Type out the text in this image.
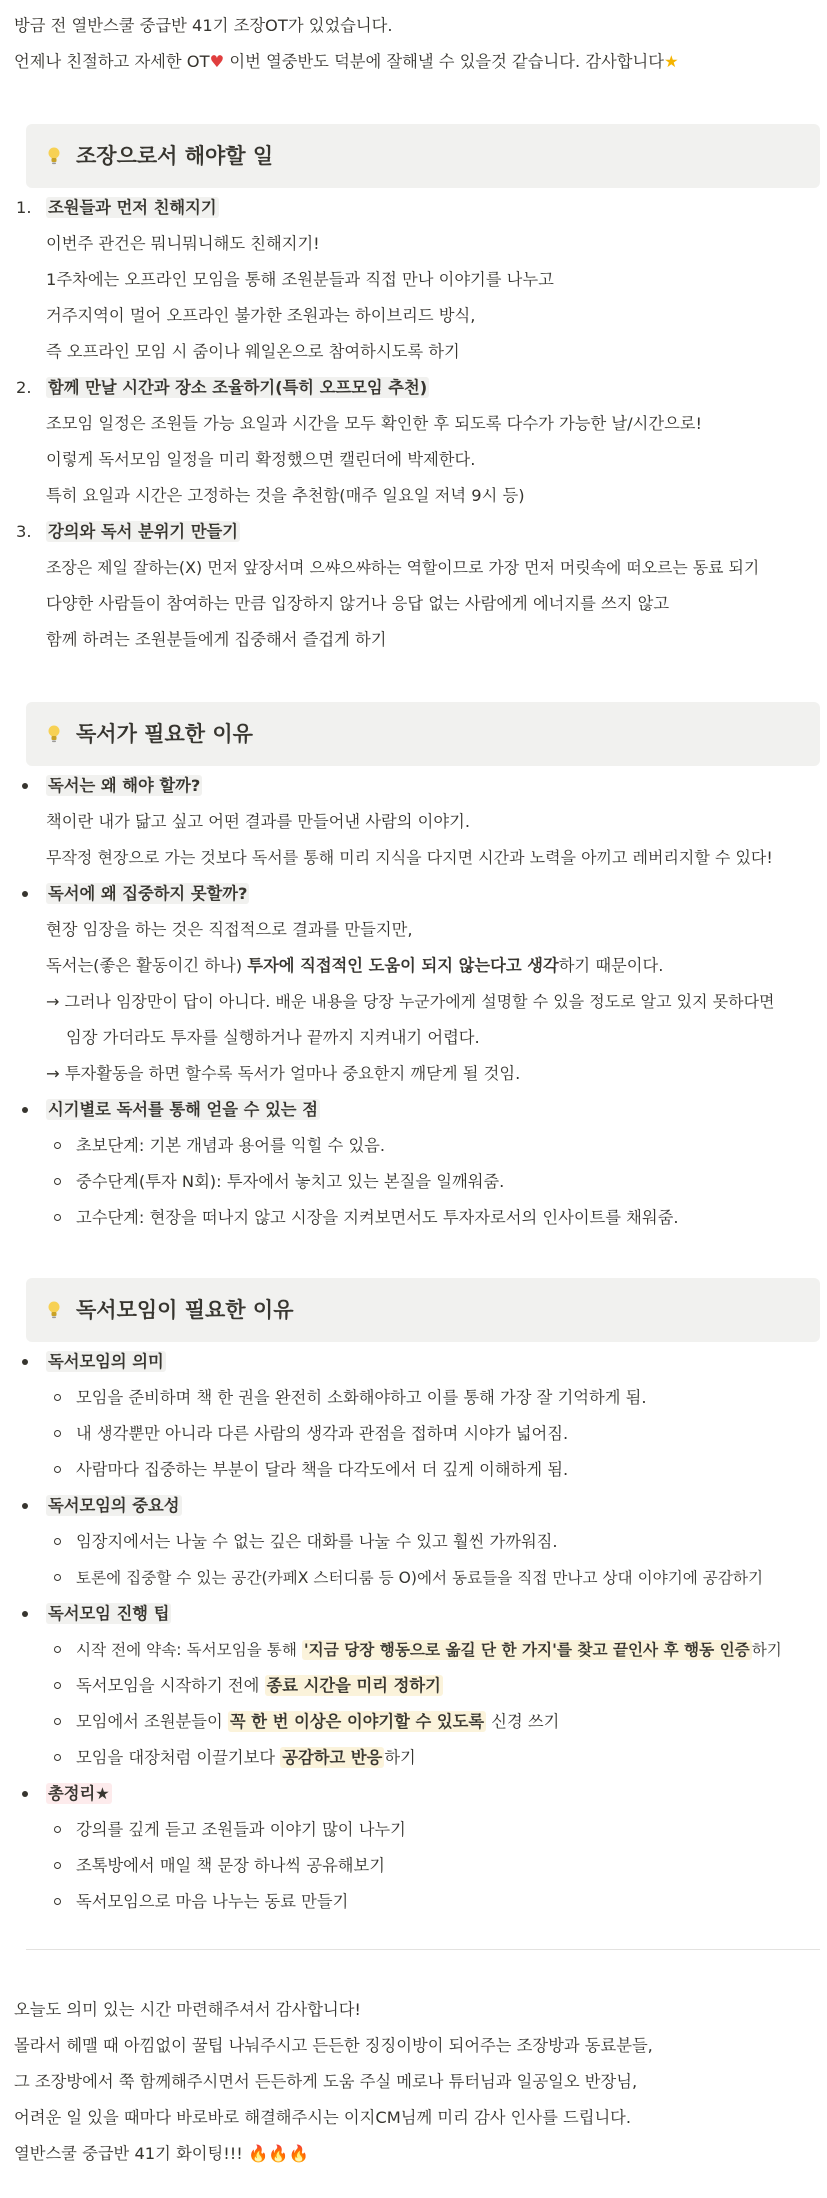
방금 전 열반스쿨 중급반 41기 조장OT가 있었습니다.
언제나 친절하고 자세한 OT♥ 이번 열중반도 덕분에 잘해낼 수 있을것 같습니다. 감사합니다★
조장으로서 해야할 일
1. 조원들과 먼저 친해지기
이번주 관건은 뭐니뭐니해도 친해지기!
1주차에는 오프라인 모임을 통해 조원분들과 직접 만나 이야기를 나누고
거주지역이 멀어 오프라인 불가한 조원과는 하이브리드 방식,
즉 오프라인 모임 시 줌이나 웨일온으로 참여하시도록 하기
2. 함께 만날 시간과 장소 조율하기(특히 오프모임 추천)
조모임 일정은 조원들 가능 요일과 시간을 모두 확인한 후 되도록 다수가 가능한 날/시간으로!
이렇게 독서모임 일정을 미리 확정했으면 캘린더에 박제한다.
특히 요일과 시간은 고정하는 것을 추천함(매주 일요일 저녁 9시 등)
3. 강의와 독서 분위기 만들기
조장은 제일 잘하는(X) 먼저 앞장서며 으쌰으쌰하는 역할이므로 가장 먼저 머릿속에 떠오르는 동료 되기
다양한 사람들이 참여하는 만큼 입장하지 않거나 응답 없는 사람에게 에너지를 쓰지 않고
함께 하려는 조원분들에게 집중해서 즐겁게 하기
독서가 필요한 이유
독서는 왜 해야 할까?
책이란 내가 닮고 싶고 어떤 결과를 만들어낸 사람의 이야기.
무작정 현장으로 가는 것보다 독서를 통해 미리 지식을 다지면 시간과 노력을 아끼고 레버리지할 수 있다!
독서에 왜 집중하지 못할까?
현장 임장을 하는 것은 직접적으로 결과를 만들지만,
독서는(좋은 활동이긴 하나) 투자에 직접적인 도움이 되지 않는다고 생각하기 때문이다.
→ 그러나 임장만이 답이 아니다. 배운 내용을 당장 누군가에게 설명할 수 있을 정도로 알고 있지 못하다면
임장 가더라도 투자를 실행하거나 끝까지 지켜내기 어렵다.
→ 투자활동을 하면 할수록 독서가 얼마나 중요한지 깨닫게 될 것임.
시기별로 독서를 통해 얻을 수 있는 점
초보단계: 기본 개념과 용어를 익힐 수 있음.
중수단계(투자 N회): 투자에서 놓치고 있는 본질을 일깨워줌.
고수단계: 현장을 떠나지 않고 시장을 지켜보면서도 투자자로서의 인사이트를 채워줌.
독서모임이 필요한 이유
독서모임의 의미
모임을 준비하며 책 한 권을 완전히 소화해야하고 이를 통해 가장 잘 기억하게 됨.
내 생각뿐만 아니라 다른 사람의 생각과 관점을 접하며 시야가 넓어짐.
사람마다 집중하는 부분이 달라 책을 다각도에서 더 깊게 이해하게 됨.
독서모임의 중요성
임장지에서는 나눌 수 없는 깊은 대화를 나눌 수 있고 훨씬 가까워짐.
토론에 집중할 수 있는 공간(카페X 스터디룸 등 O)에서 동료들을 직접 만나고 상대 이야기에 공감하기
독서모임 진행 팁
시작 전에 약속: 독서모임을 통해 '지금 당장 행동으로 옮길 단 한 가지'를 찾고 끝인사 후 행동 인증 하기
독서모임을 시작하기 전에 종료 시간을 미리 정하기
모임에서 조원분들이 꼭 한 번 이상은 이야기할 수 있도록 신경 쓰기
모임을 대장처럼 이끌기보다 공감하고 반응 하기
총정리★
강의를 깊게 듣고 조원들과 이야기 많이 나누기
조톡방에서 매일 책 문장 하나씩 공유해보기
독서모임으로 마음 나누는 동료 만들기
오늘도 의미 있는 시간 마련해주셔서 감사합니다!
몰라서 헤맬 때 아낌없이 꿀팁 나눠주시고 든든한 징징이방이 되어주는 조장방과 동료분들,
그 조장방에서 쭉 함께해주시면서 든든하게 도움 주실 메로나 튜터님과 일공일오 반장님,
어려운 일 있을 때마다 바로바로 해결해주시는 이지CM님께 미리 감사 인사를 드립니다.
열반스쿨 중급반 41기 화이팅!!! 🔥🔥🔥
